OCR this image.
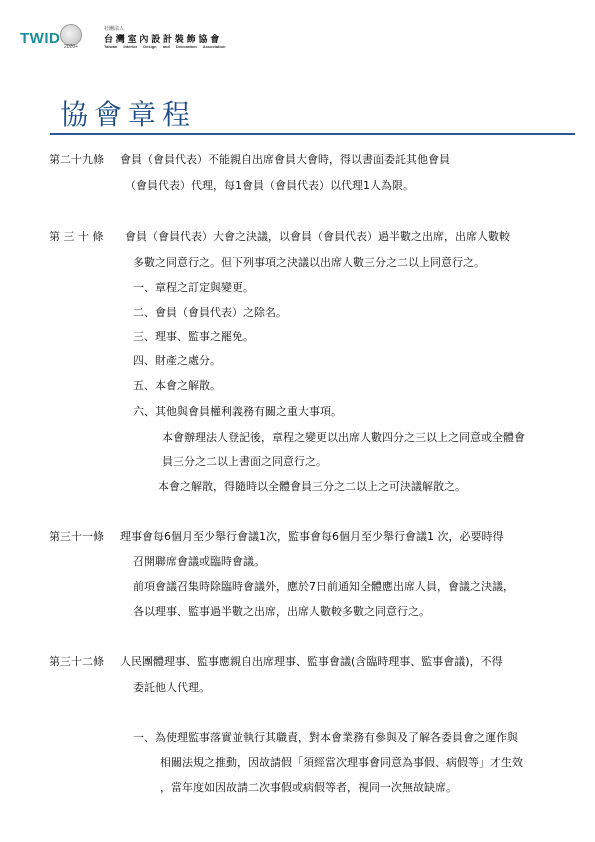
TWID 2020+
社團法人
台灣室內設計裝飾協會
Taiwan Interior Design and Decoration Association
協會章程
第二十九條 會員（會員代表）不能親自出席會員大會時，得以書面委託其他會員
（會員代表）代理，每1會員（會員代表）以代理1人為限。
第 三 十 條 會員（會員代表）大會之決議，以會員（會員代表）過半數之出席，出席人數較
多數之同意行之。但下列事項之決議以出席人數三分之二以上同意行之。
一、章程之訂定與變更。
二、會員（會員代表）之除名。
三、理事、監事之罷免。
四、財產之處分。
五、本會之解散。
六、其他與會員權利義務有關之重大事項。
本會辦理法人登記後，章程之變更以出席人數四分之三以上之同意或全體會
員三分之二以上書面之同意行之。
本會之解散，得隨時以全體會員三分之二以上之可決議解散之。
第三十一條 理事會每6個月至少舉行會議1次，監事會每6個月至少舉行會議1 次，必要時得
召開聯席會議或臨時會議。
前項會議召集時除臨時會議外，應於7日前通知全體應出席人員，會議之決議，
各以理事、監事過半數之出席，出席人數較多數之同意行之。
第三十二條 人民團體理事、監事應親自出席理事、監事會議(含臨時理事、監事會議)，不得
委託他人代理。
一、為使理監事落實並執行其職責，對本會業務有參與及了解各委員會之運作與
相關法規之推動，因故請假「須經當次理事會同意為事假、病假等」才生效
，當年度如因故請二次事假或病假等者，視同一次無故缺席。
